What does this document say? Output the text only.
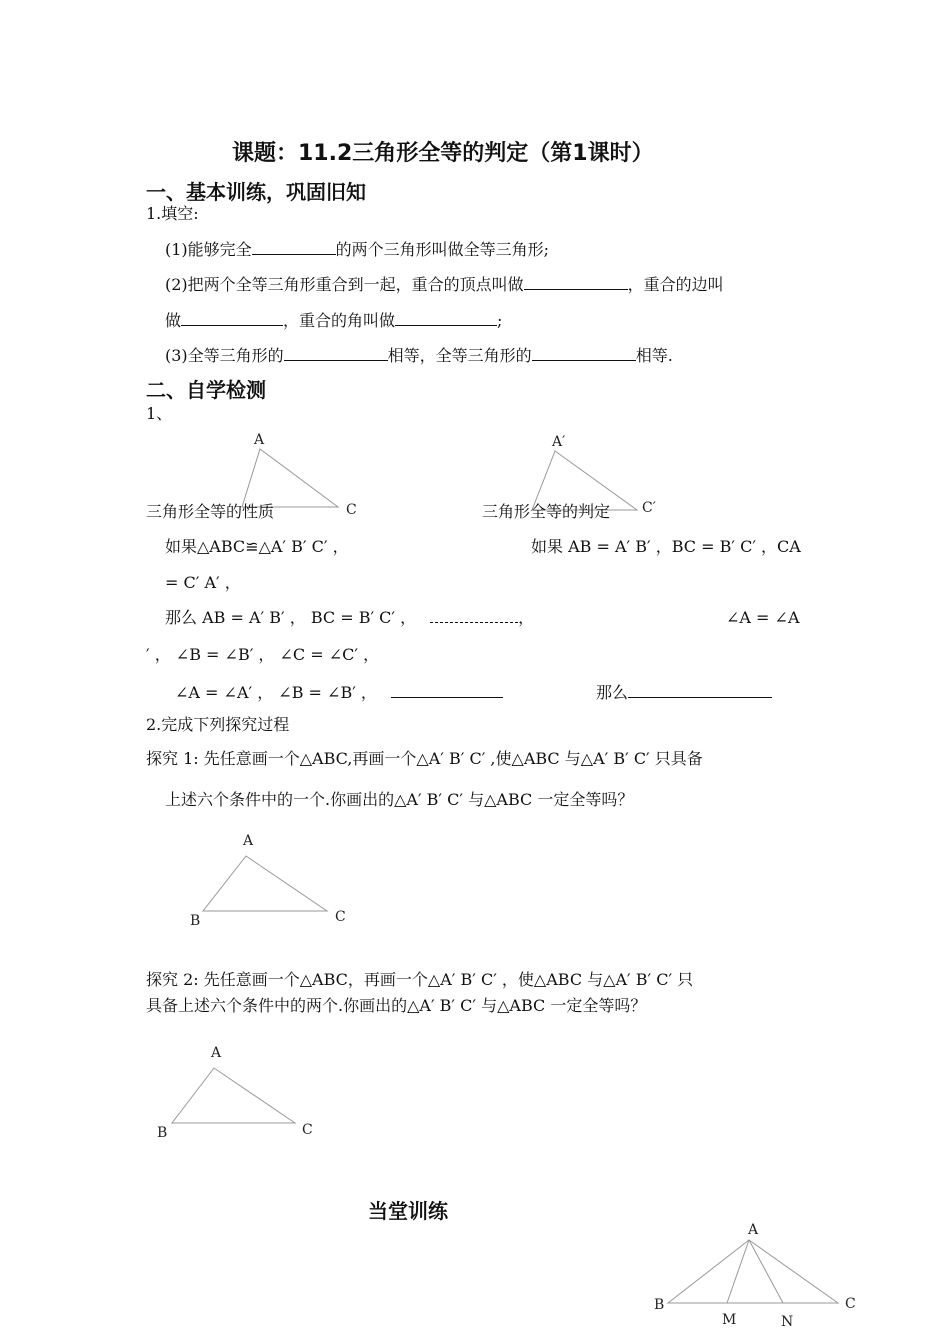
课题：11.2三角形全等的判定（第1课时）
一、基本训练，巩固旧知
1.填空:
(1)能够完全	的两个三角形叫做全等三角形;
(2)把两个全等三角形重合到一起，重合的顶点叫做	，重合的边叫
做	，重合的角叫做	;
(3)全等三角形的	相等，全等三角形的	相等.
二、自学检测
1、
A
C
A′
C′
三角形全等的性质	三角形全等的判定
如果△ABC≌△A′ B′ C′ ，	如果 AB = A′ B′ ，BC = B′ C′ ，CA
= C′ A′ ，
那么 AB = A′ B′ ， BC = B′ C′ ，	，	∠A = ∠A
′ ， ∠B = ∠B′ ， ∠C = ∠C′ ，
∠A = ∠A′ ， ∠B = ∠B′ ，	那么
2.完成下列探究过程
探究 1: 先任意画一个△ABC,再画一个△A′ B′ C′ ,使△ABC 与△A′ B′ C′ 只具备
上述六个条件中的一个.你画出的△A′ B′ C′ 与△ABC 一定全等吗？
A
B	C
探究 2: 先任意画一个△ABC，再画一个△A′ B′ C′ ，使△ABC 与△A′ B′ C′ 只
具备上述六个条件中的两个.你画出的△A′ B′ C′ 与△ABC 一定全等吗？
A
B	C
当堂训练
A
B	C
M	N
